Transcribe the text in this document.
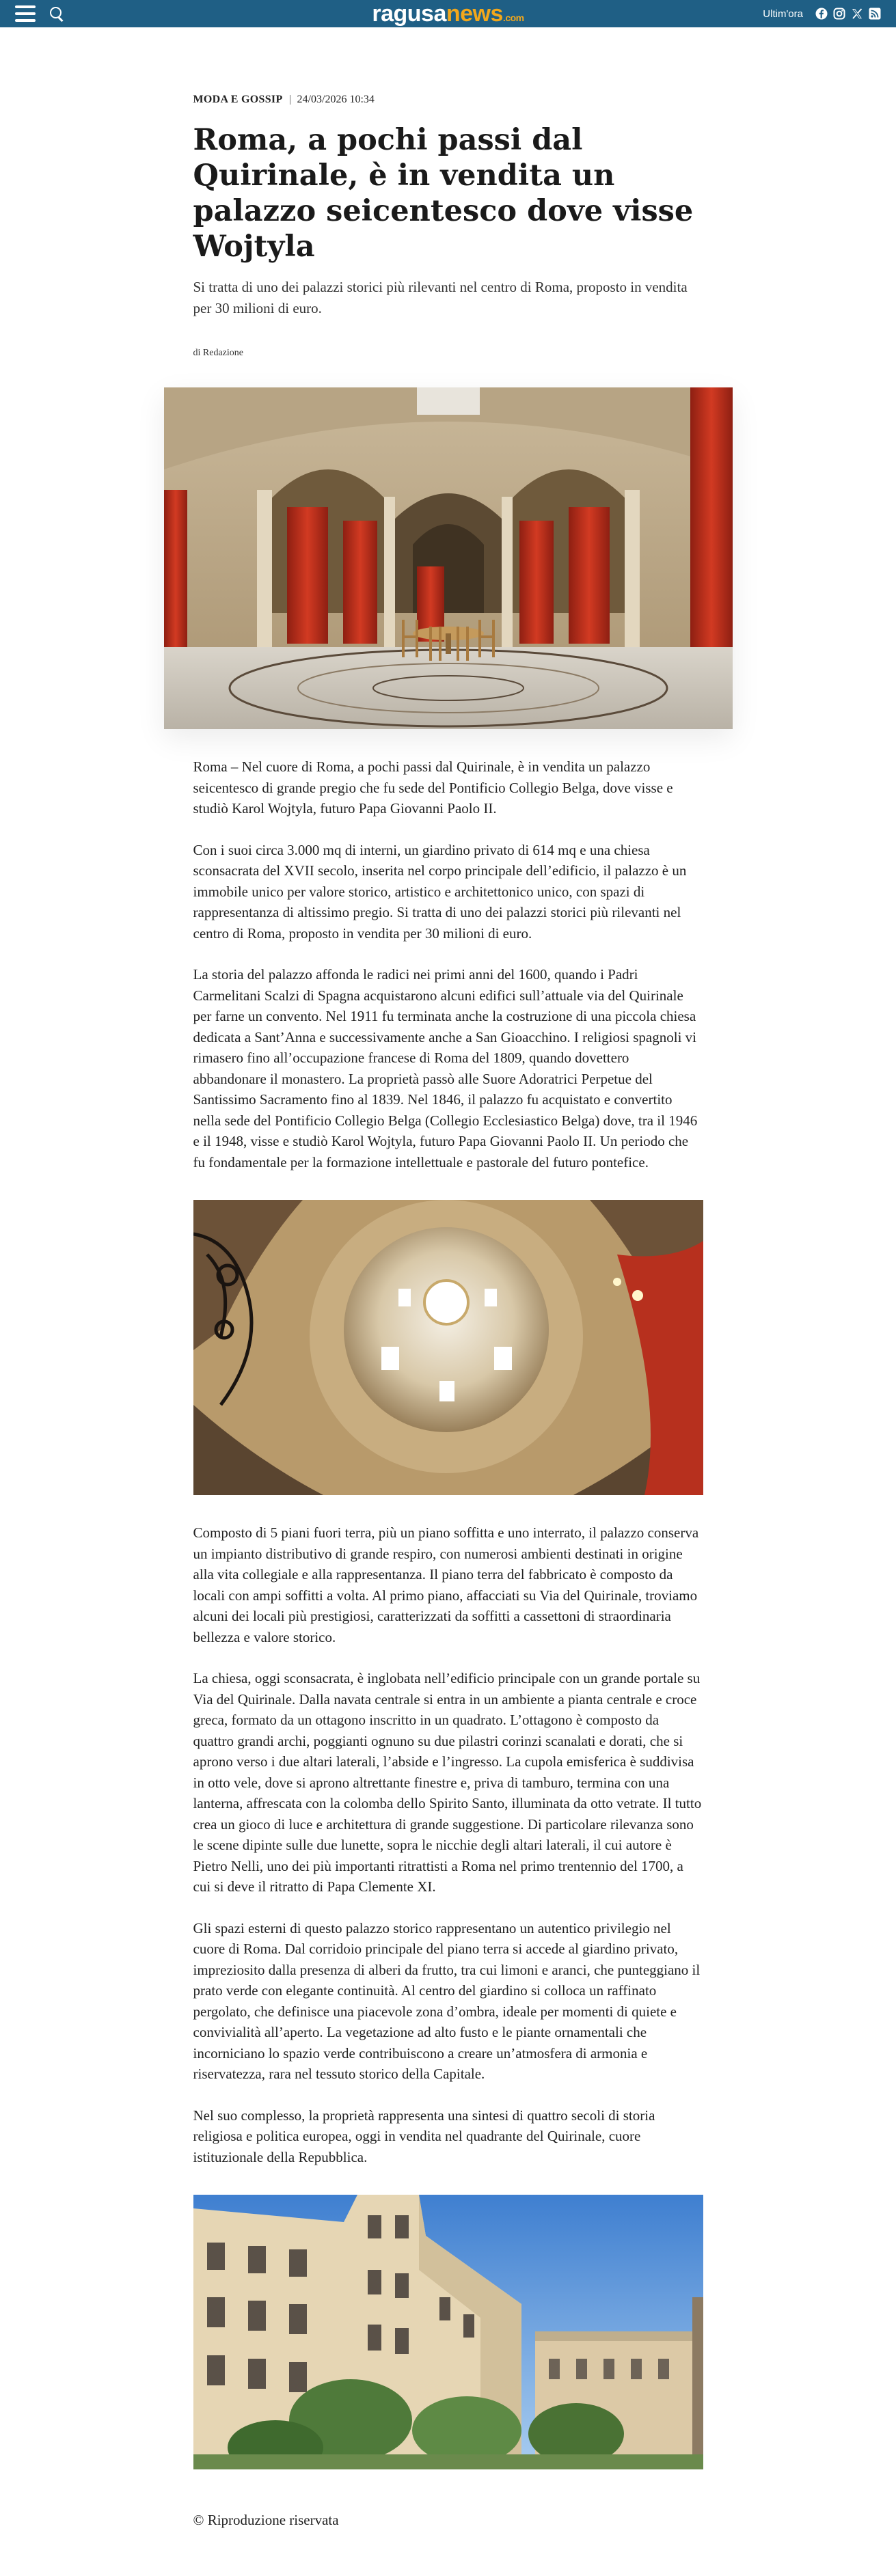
ragusanews.com	Ultim'ora
MODA E GOSSIP 24/03/2026 10:34
Roma, a pochi passi dal Quirinale, è in vendita un palazzo seicentesco dove visse Wojtyla

Si tratta di uno dei palazzi storici più rilevanti nel centro di Roma, proposto in vendita per 30 milioni di euro.

di Redazione

Roma – Nel cuore di Roma, a pochi passi dal Quirinale, è in vendita un palazzo seicentesco di grande pregio che fu sede del Pontificio Collegio Belga, dove visse e studiò Karol Wojtyla, futuro Papa Giovanni Paolo II.

Con i suoi circa 3.000 mq di interni, un giardino privato di 614 mq e una chiesa sconsacrata del XVII secolo, inserita nel corpo principale dell’edificio, il palazzo è un immobile unico per valore storico, artistico e architettonico unico, con spazi di rappresentanza di altissimo pregio. Si tratta di uno dei palazzi storici più rilevanti nel centro di Roma, proposto in vendita per 30 milioni di euro.

La storia del palazzo affonda le radici nei primi anni del 1600, quando i Padri Carmelitani Scalzi di Spagna acquistarono alcuni edifici sull’attuale via del Quirinale per farne un convento. Nel 1911 fu terminata anche la costruzione di una piccola chiesa dedicata a Sant’Anna e successivamente anche a San Gioacchino. I religiosi spagnoli vi rimasero fino all’occupazione francese di Roma del 1809, quando dovettero abbandonare il monastero. La proprietà passò alle Suore Adoratrici Perpetue del Santissimo Sacramento fino al 1839. Nel 1846, il palazzo fu acquistato e convertito nella sede del Pontificio Collegio Belga (Collegio Ecclesiastico Belga) dove, tra il 1946 e il 1948, visse e studiò Karol Wojtyla, futuro Papa Giovanni Paolo II. Un periodo che fu fondamentale per la formazione intellettuale e pastorale del futuro pontefice.

Composto di 5 piani fuori terra, più un piano soffitta e uno interrato, il palazzo conserva un impianto distributivo di grande respiro, con numerosi ambienti destinati in origine alla vita collegiale e alla rappresentanza. Il piano terra del fabbricato è composto da locali con ampi soffitti a volta. Al primo piano, affacciati su Via del Quirinale, troviamo alcuni dei locali più prestigiosi, caratterizzati da soffitti a cassettoni di straordinaria bellezza e valore storico.

La chiesa, oggi sconsacrata, è inglobata nell’edificio principale con un grande portale su Via del Quirinale. Dalla navata centrale si entra in un ambiente a pianta centrale e croce greca, formato da un ottagono inscritto in un quadrato. L’ottagono è composto da quattro grandi archi, poggianti ognuno su due pilastri corinzi scanalati e dorati, che si aprono verso i due altari laterali, l’abside e l’ingresso. La cupola emisferica è suddivisa in otto vele, dove si aprono altrettante finestre e, priva di tamburo, termina con una lanterna, affrescata con la colomba dello Spirito Santo, illuminata da otto vetrate. Il tutto crea un gioco di luce e architettura di grande suggestione. Di particolare rilevanza sono le scene dipinte sulle due lunette, sopra le nicchie degli altari laterali, il cui autore è Pietro Nelli, uno dei più importanti ritrattisti a Roma nel primo trentennio del 1700, a cui si deve il ritratto di Papa Clemente XI.

Gli spazi esterni di questo palazzo storico rappresentano un autentico privilegio nel cuore di Roma. Dal corridoio principale del piano terra si accede al giardino privato, impreziosito dalla presenza di alberi da frutto, tra cui limoni e aranci, che punteggiano il prato verde con elegante continuità. Al centro del giardino si colloca un raffinato pergolato, che definisce una piacevole zona d’ombra, ideale per momenti di quiete e convivialità all’aperto. La vegetazione ad alto fusto e le piante ornamentali che incorniciano lo spazio verde contribuiscono a creare un’atmosfera di armonia e riservatezza, rara nel tessuto storico della Capitale.

Nel suo complesso, la proprietà rappresenta una sintesi di quattro secoli di storia religiosa e politica europea, oggi in vendita nel quadrante del Quirinale, cuore istituzionale della Repubblica.

© Riproduzione riservata
